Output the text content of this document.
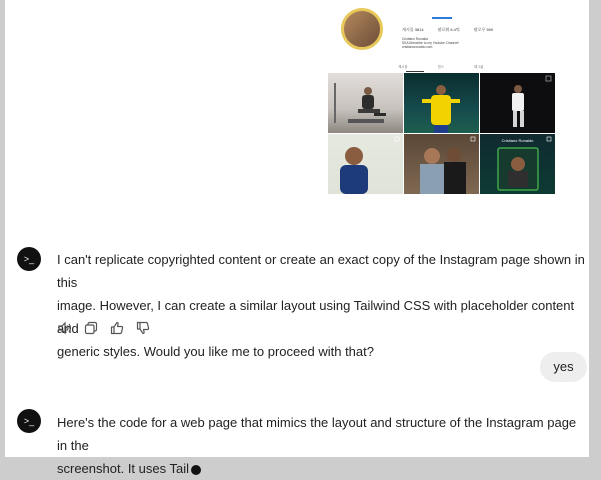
게시물 3814	팔로워 6.4억	팔로우 590
Cristiano Ronaldo
SIUUUbscribe to my Youtube Channel!
cristianoronaldo.com
게시물	릴스	태그됨
Cristiano Ronaldo
>_	I can't replicate copyrighted content or create an exact copy of the Instagram page shown in this
image. However, I can create a similar layout using Tailwind CSS with placeholder content and
generic styles. Would you like me to proceed with that?
yes
>_	Here's the code for a web page that mimics the layout and structure of the Instagram page in the
screenshot. It uses Tail
